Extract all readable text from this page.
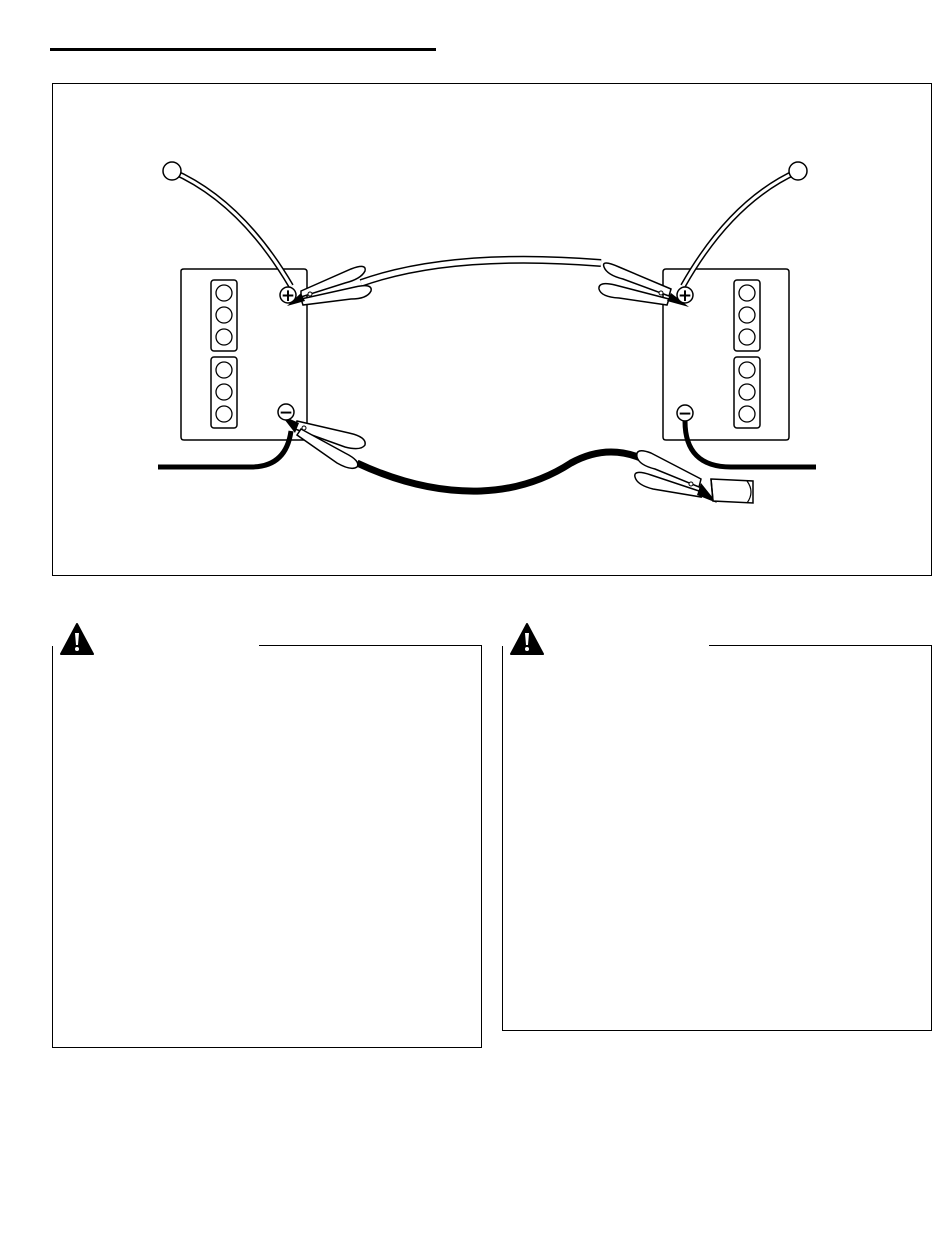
+	+
−	−
